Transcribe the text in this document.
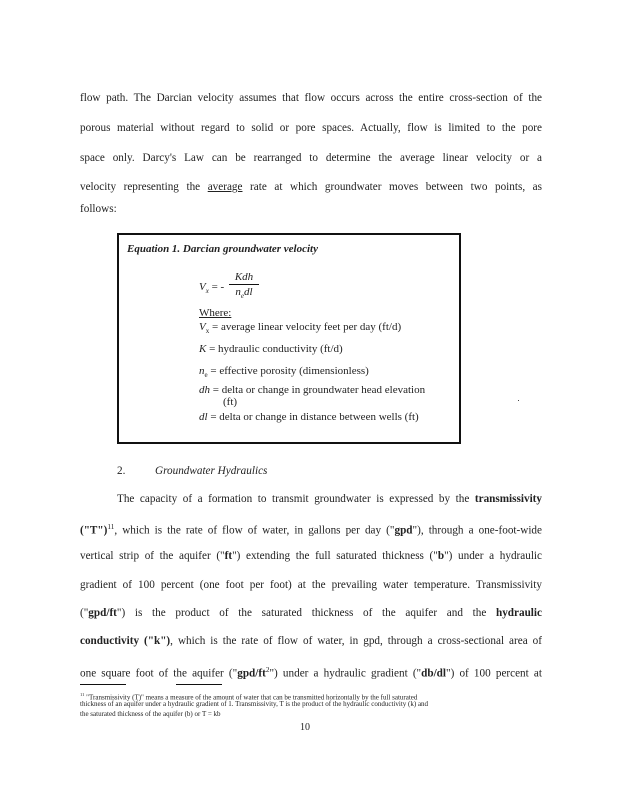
flow path. The Darcian velocity assumes that flow occurs across the entire cross-section of the
porous material without regard to solid or pore spaces. Actually, flow is limited to the pore
space only. Darcy's Law can be rearranged to determine the average linear velocity or a
velocity representing the average rate at which groundwater moves between two points, as
follows:
Equation 1. Darcian groundwater velocity
$V_x$ = -
Kdh
$n_edl$
Where:
$V_x$ = average linear velocity feet per day (ft/d)
K = hydraulic conductivity (ft/d)
$n_e$ = effective porosity (dimensionless)
dh = delta or change in groundwater head elevation
(ft)
dl = delta or change in distance between wells (ft)
2.	Groundwater Hydraulics
The capacity of a formation to transmit groundwater is expressed by the transmissivity
("T")$^{11}$, which is the rate of flow of water, in gallons per day ("gpd"), through a one-foot-wide
vertical strip of the aquifer ("ft") extending the full saturated thickness ("b") under a hydraulic
gradient of 100 percent (one foot per foot) at the prevailing water temperature. Transmissivity
("gpd/ft") is the product of the saturated thickness of the aquifer and the hydraulic
conductivity ("k"), which is the rate of flow of water, in gpd, through a cross-sectional area of
one square foot of the aquifer $("gpd/ft^2")$ under a hydraulic gradient ("db/dl") of 100 percent at
$^{11}$ "Transmissivity (T)" means a measure of the amount of water that can be transmitted horizontally by the full saturated
thickness of an aquifer under a hydraulic gradient of 1. Transmissivity, T is the product of the hydraulic conductivity (k) and
the saturated thickness of the aquifer (b) or T = kb
10
